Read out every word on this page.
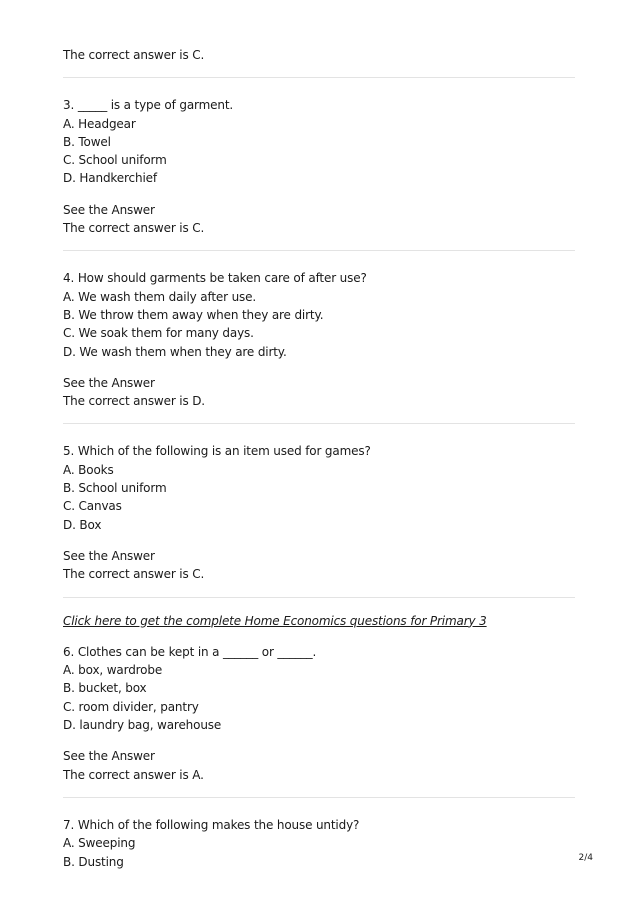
The correct answer is C.
3. _____ is a type of garment.
A. Headgear
B. Towel
C. School uniform
D. Handkerchief
See the Answer
The correct answer is C.
4. How should garments be taken care of after use?
A. We wash them daily after use.
B. We throw them away when they are dirty.
C. We soak them for many days.
D. We wash them when they are dirty.
See the Answer
The correct answer is D.
5. Which of the following is an item used for games?
A. Books
B. School uniform
C. Canvas
D. Box
See the Answer
The correct answer is C.
Click here to get the complete Home Economics questions for Primary 3
6. Clothes can be kept in a ______ or ______.
A. box, wardrobe
B. bucket, box
C. room divider, pantry
D. laundry bag, warehouse
See the Answer
The correct answer is A.
7. Which of the following makes the house untidy?
A. Sweeping
B. Dusting	2/4
